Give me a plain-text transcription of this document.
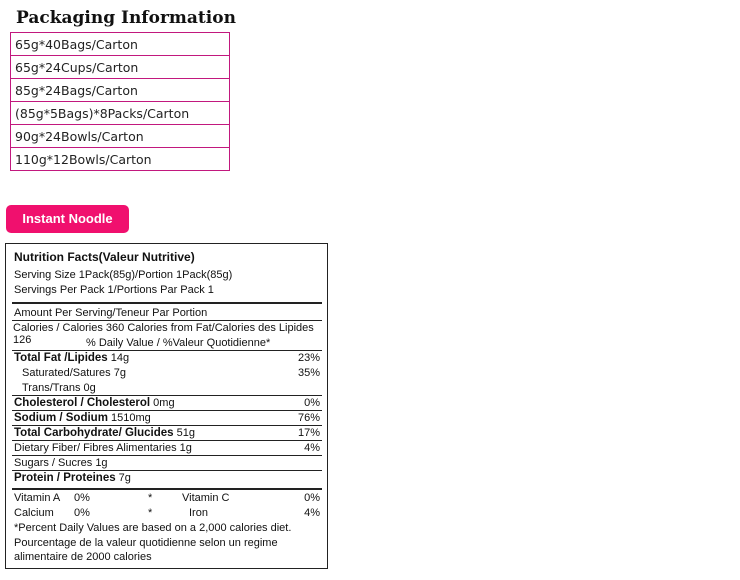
Packaging Information
65g*40Bags/Carton
65g*24Cups/Carton
85g*24Bags/Carton
(85g*5Bags)*8Packs/Carton
90g*24Bowls/Carton
110g*12Bowls/Carton
Instant Noodle
Nutrition Facts(Valeur Nutritive)
Serving Size 1Pack(85g)/Portion 1Pack(85g)
Servings Per Pack 1/Portions Par Pack 1
Amount Per Serving/Teneur Par Portion
Calories / Calories 360 Calories from Fat/Calories des Lipides 126	% Daily Value / %Valeur Quotidienne*
Total Fat /Lipides 14g	23%
Saturated/Satures 7g	35%
Trans/Trans 0g
Cholesterol / Cholesterol 0mg	0%
Sodium / Sodium 1510mg	76%
Total Carbohydrate/ Glucides 51g	17%
Dietary Fiber/ Fibres Alimentaries 1g	4%
Sugars / Sucres 1g
Protein / Proteines 7g
Vitamin A 0%	*	Vitamin C	0%
Calcium 0%	*	Iron	4%
*Percent Daily Values are based on a 2,000 calories diet.
Pourcentage de la valeur quotidienne selon un regime
alimentaire de 2000 calories
